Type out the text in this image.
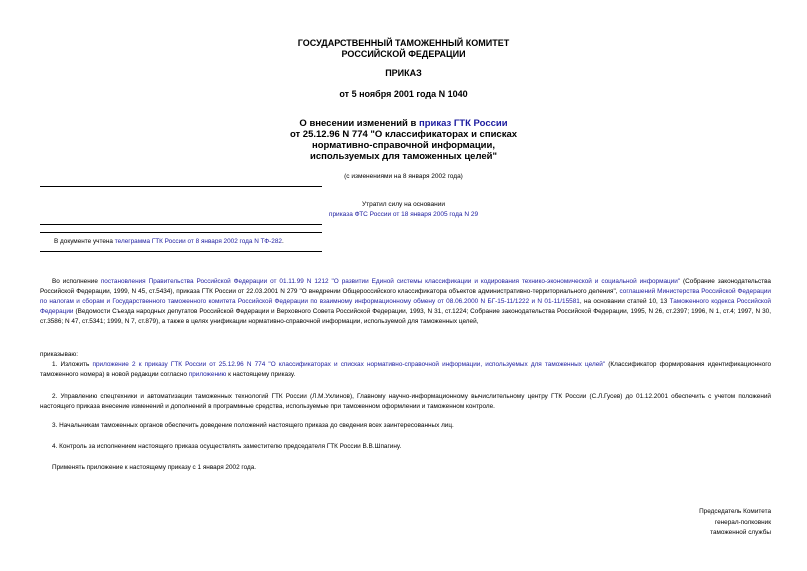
ГОСУДАРСТВЕННЫЙ ТАМОЖЕННЫЙ КОМИТЕТ
РОССИЙСКОЙ ФЕДЕРАЦИИ
ПРИКАЗ
от 5 ноября 2001 года N 1040
О внесении изменений в приказ ГТК России
от 25.12.96 N 774 "О классификаторах и списках
нормативно-справочной информации,
используемых для таможенных целей"
(с изменениями на 8 января 2002 года)
Утратил силу на основании
приказа ФТС России от 18 января 2005 года N 29
В документе учтена телеграмма ГТК России от 8 января 2002 года N ТФ-282.
Во исполнение постановления Правительства Российской Федерации от 01.11.99 N 1212 "О развитии Единой системы классификации и кодирования технико-экономической и социальной информации" (Собрание законодательства Российской Федерации, 1999, N 45, ст.5434), приказа ГТК России от 22.03.2001 N 279 "О внедрении Общероссийского классификатора объектов административно-территориального деления", соглашений Министерства Российской Федерации по налогам и сборам и Государственного таможенного комитета Российской Федерации по взаимному информационному обмену от 08.06.2000 N БГ-15-11/1222 и N 01-11/15581, на основании статей 10, 13 Таможенного кодекса Российской Федерации (Ведомости Съезда народных депутатов Российской Федерации и Верховного Совета Российской Федерации, 1993, N 31, ст.1224; Собрание законодательства Российской Федерации, 1995, N 26, ст.2397; 1996, N 1, ст.4; 1997, N 30, ст.3586; N 47, ст.5341; 1999, N 7, ст.879), а также в целях унификации нормативно-справочной информации, используемой для таможенных целей,
приказываю:
1. Изложить приложение 2 к приказу ГТК России от 25.12.96 N 774 "О классификаторах и списках нормативно-справочной информации, используемых для таможенных целей" (Классификатор формирования идентификационного таможенного номера) в новой редакции согласно приложению к настоящему приказу.
2. Управлению спецтехники и автоматизации таможенных технологий ГТК России (Л.М.Ухлинов), Главному научно-информационному вычислительному центру ГТК России (С.Л.Гусев) до 01.12.2001 обеспечить с учетом положений настоящего приказа внесение изменений и дополнений в программные средства, используемые при таможенном оформлении и таможенном контроле.
3. Начальникам таможенных органов обеспечить доведение положений настоящего приказа до сведения всех заинтересованных лиц.
4. Контроль за исполнением настоящего приказа осуществлять заместителю председателя ГТК России В.В.Шпагину.
Применять приложение к настоящему приказу с 1 января 2002 года.
Председатель Комитета
генерал-полковник
таможенной службы
